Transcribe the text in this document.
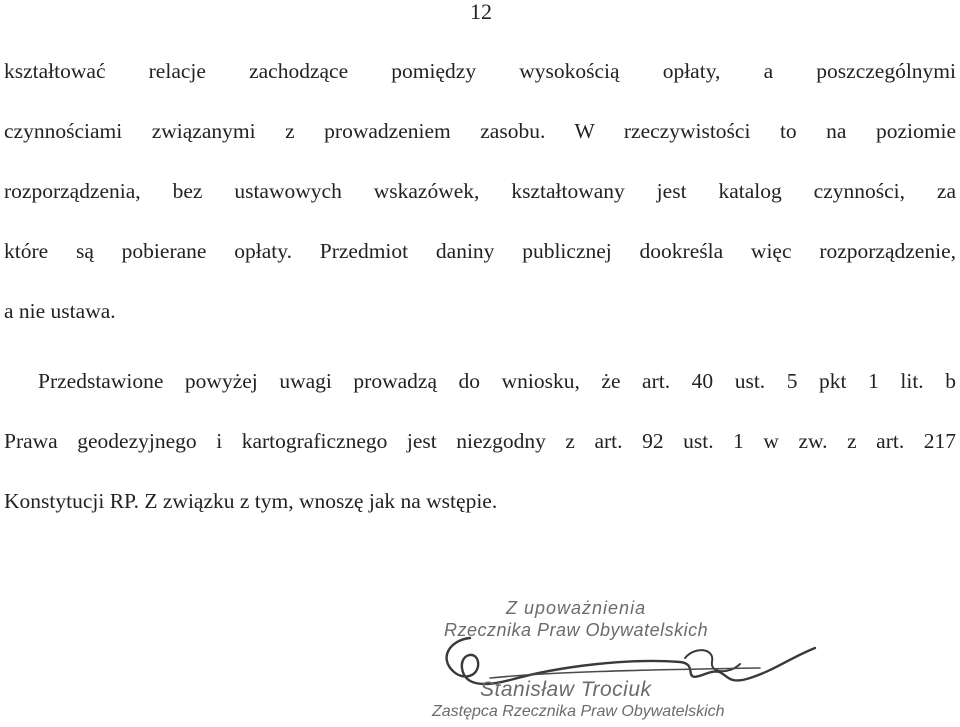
12
kształtować relacje zachodzące pomiędzy wysokością opłaty, a poszczególnymi
czynnościami związanymi z prowadzeniem zasobu. W rzeczywistości to na poziomie
rozporządzenia, bez ustawowych wskazówek, kształtowany jest katalog czynności, za
które są pobierane opłaty. Przedmiot daniny publicznej dookreśla więc rozporządzenie,
a nie ustawa.
Przedstawione powyżej uwagi prowadzą do wniosku, że art. 40 ust. 5 pkt 1 lit. b
Prawa geodezyjnego i kartograficznego jest niezgodny z art. 92 ust. 1 w zw. z art. 217
Konstytucji RP. Z związku z tym, wnoszę jak na wstępie.
Z upoważnienia
Rzecznika Praw Obywatelskich
Stanisław Trociuk
Zastępca Rzecznika Praw Obywatelskich
